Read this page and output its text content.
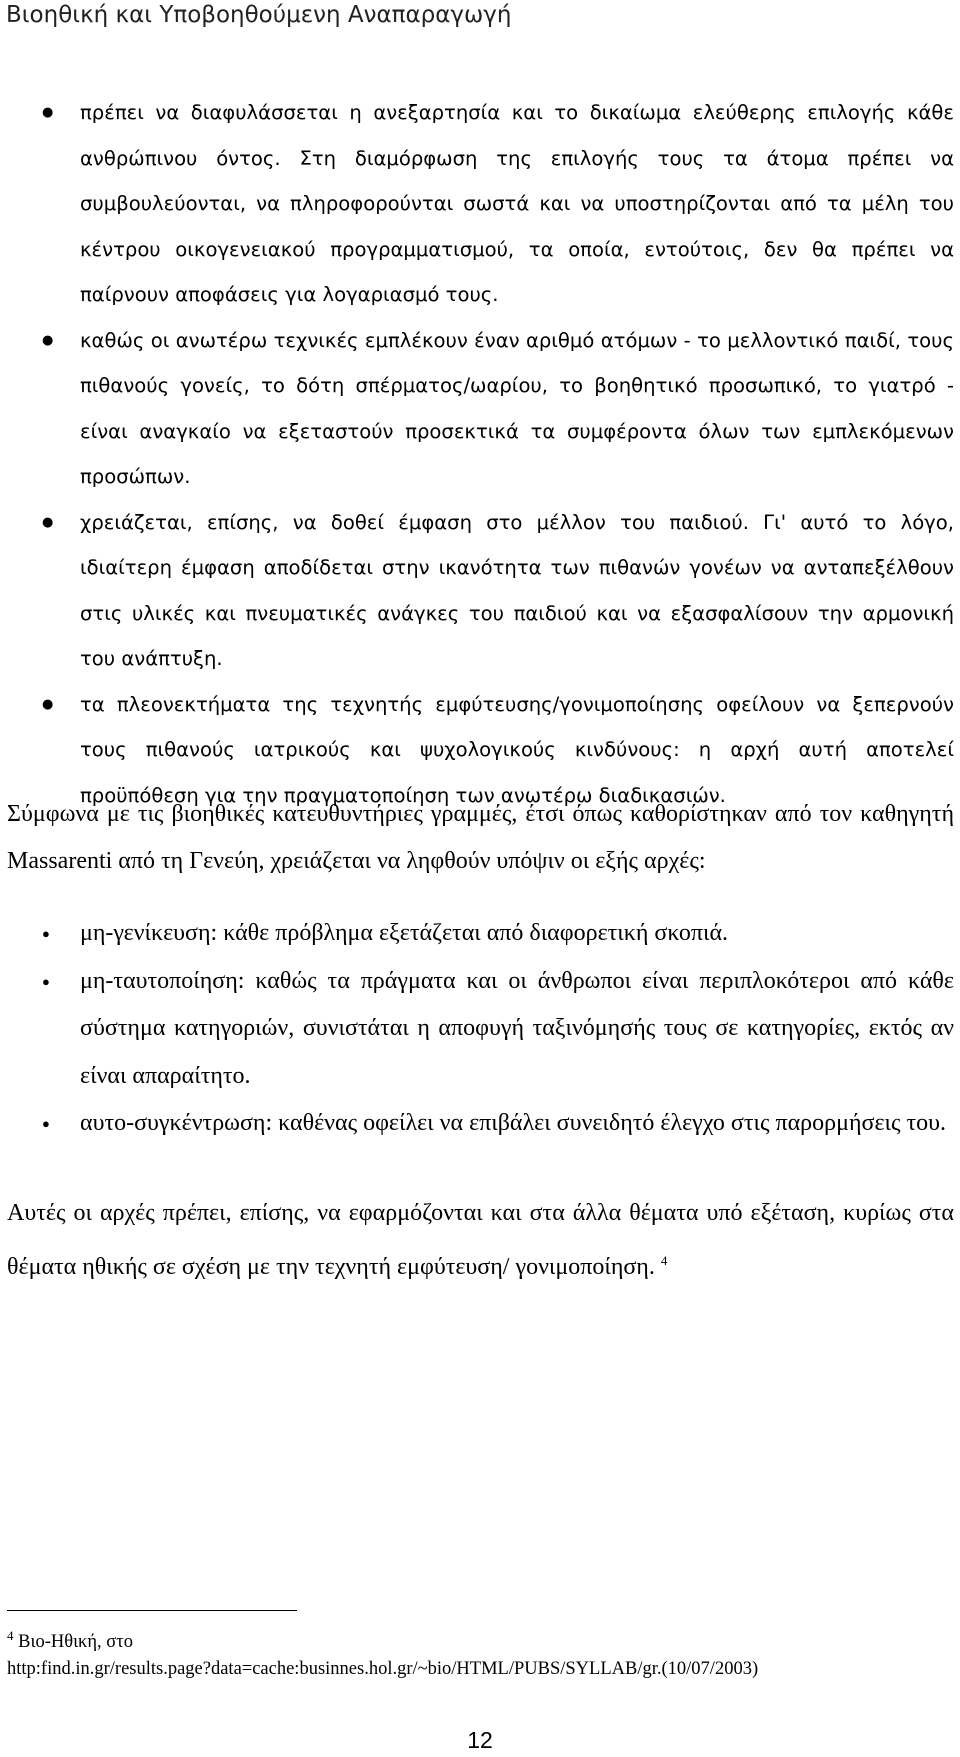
Βιοηθική και Υποβοηθούμενη Αναπαραγωγή
● πρέπει να διαφυλάσσεται η ανεξαρτησία και το δικαίωμα ελεύθερης επιλογής κάθε ανθρώπινου όντος. Στη διαμόρφωση της επιλογής τους τα άτομα πρέπει να συμβουλεύονται, να πληροφορούνται σωστά και να υποστηρίζονται από τα μέλη του κέντρου οικογενειακού προγραμματισμού, τα οποία, εντούτοις, δεν θα πρέπει να παίρνουν αποφάσεις για λογαριασμό τους.
● καθώς οι ανωτέρω τεχνικές εμπλέκουν έναν αριθμό ατόμων - το μελλοντικό παιδί, τους πιθανούς γονείς, το δότη σπέρματος/ωαρίου, το βοηθητικό προσωπικό, το γιατρό - είναι αναγκαίο να εξεταστούν προσεκτικά τα συμφέροντα όλων των εμπλεκόμενων προσώπων.
● χρειάζεται, επίσης, να δοθεί έμφαση στο μέλλον του παιδιού. Γι' αυτό το λόγο, ιδιαίτερη έμφαση αποδίδεται στην ικανότητα των πιθανών γονέων να ανταπεξέλθουν στις υλικές και πνευματικές ανάγκες του παιδιού και να εξασφαλίσουν την αρμονική του ανάπτυξη.
● τα πλεονεκτήματα της τεχνητής εμφύτευσης/γονιμοποίησης οφείλουν να ξεπερνούν τους πιθανούς ιατρικούς και ψυχολογικούς κινδύνους: η αρχή αυτή αποτελεί προϋπόθεση για την πραγματοποίηση των ανωτέρω διαδικασιών.

Σύμφωνα με τις βιοηθικές κατευθυντήριες γραμμές, έτσι όπως καθορίστηκαν από τον καθηγητή Massarenti από τη Γενεύη, χρειάζεται να ληφθούν υπόψιν οι εξής αρχές:

● μη-γενίκευση: κάθε πρόβλημα εξετάζεται από διαφορετική σκοπιά.
● μη-ταυτοποίηση: καθώς τα πράγματα και οι άνθρωποι είναι περιπλοκότεροι από κάθε σύστημα κατηγοριών, συνιστάται η αποφυγή ταξινόμησής τους σε κατηγορίες, εκτός αν είναι απαραίτητο.
● αυτο-συγκέντρωση: καθένας οφείλει να επιβάλει συνειδητό έλεγχο στις παρορμήσεις του.

Αυτές οι αρχές πρέπει, επίσης, να εφαρμόζονται και στα άλλα θέματα υπό εξέταση, κυρίως στα θέματα ηθικής σε σχέση με την τεχνητή εμφύτευση/ γονιμοποίηση. $^4$

$^4$ Βιο-Ηθική, στο
http:find.in.gr/results.page?data=cache:businnes.hol.gr/~bio/HTML/PUBS/SYLLAB/gr.(10/07/2003)
12
